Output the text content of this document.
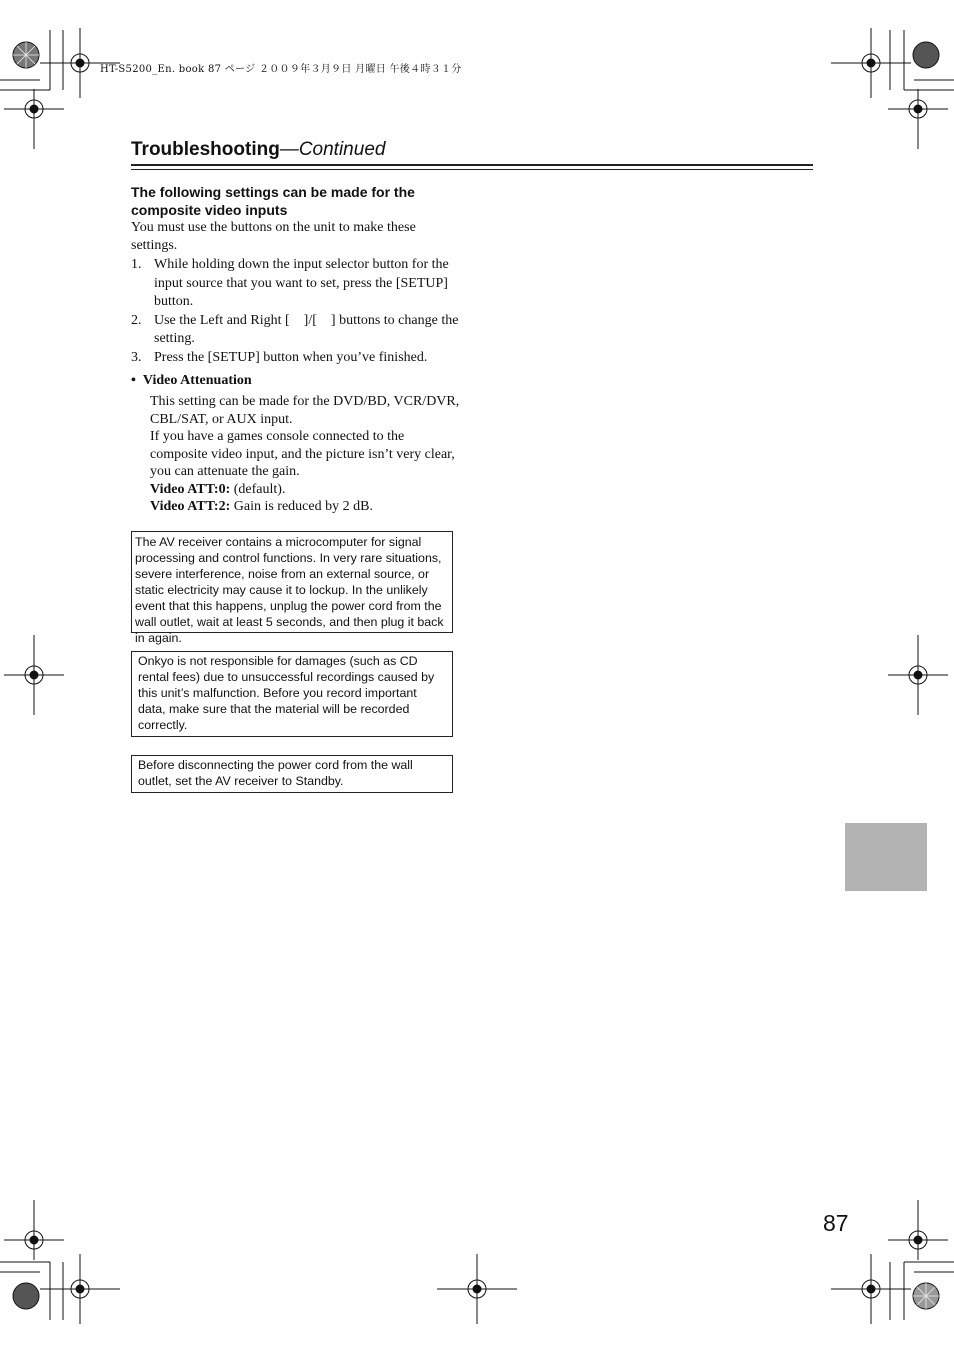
HT-S5200_En. book 87 ページ ２００９年３月９日 月曜日 午後４時３１分
Troubleshooting—Continued
The following settings can be made for the composite video inputs
You must use the buttons on the unit to make these settings.
1. While holding down the input selector button for the input source that you want to set, press the [SETUP] button.
2. Use the Left and Right [    ]/[    ] buttons to change the setting.
3. Press the [SETUP] button when you’ve finished.
• Video Attenuation

This setting can be made for the DVD/BD, VCR/DVR, CBL/SAT, or AUX input.

If you have a games console connected to the composite video input, and the picture isn’t very clear, you can attenuate the gain.

Video ATT:0: (default).

Video ATT:2: Gain is reduced by 2 dB.

The AV receiver contains a microcomputer for signal processing and control functions. In very rare situations, severe interference, noise from an external source, or static electricity may cause it to lockup. In the unlikely event that this happens, unplug the power cord from the wall outlet, wait at least 5 seconds, and then plug it back in again.
Onkyo is not responsible for damages (such as CD rental fees) due to unsuccessful recordings caused by this unit’s malfunction. Before you record important data, make sure that the material will be recorded correctly.
Before disconnecting the power cord from the wall outlet, set the AV receiver to Standby.
87
